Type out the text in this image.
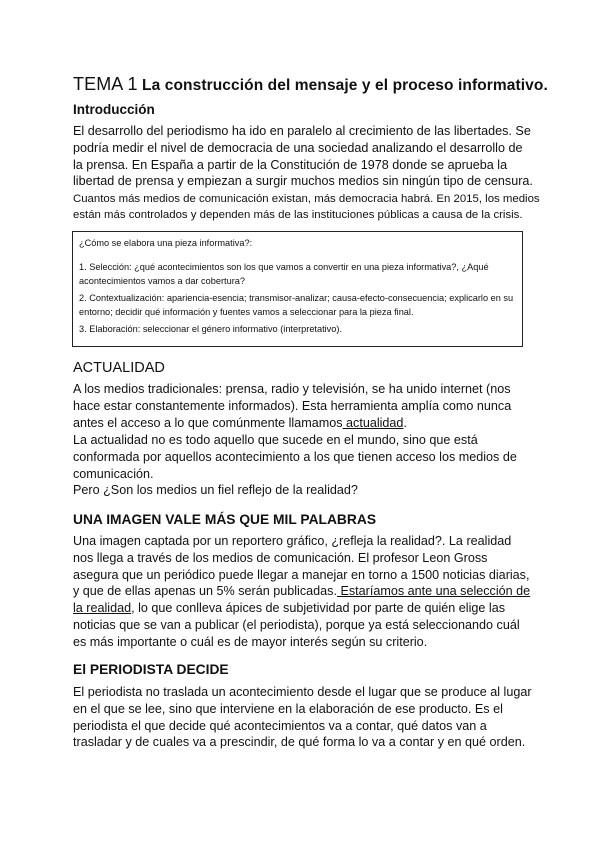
TEMA 1 La construcción del mensaje y el proceso informativo.
Introducción
El desarrollo del periodismo ha ido en paralelo al crecimiento de las libertades. Se podría medir el nivel de democracia de una sociedad analizando el desarrollo de la prensa. En España a partir de la Constitución de 1978 donde se aprueba la libertad de prensa y empiezan a surgir muchos medios sin ningún tipo de censura.
Cuantos más medios de comunicación existan, más democracia habrá. En 2015, los medios están más controlados y dependen más de las instituciones públicas a causa de la crisis.
¿Cómo se elabora una pieza informativa?:
1. Selección: ¿qué acontecimientos son los que vamos a convertir en una pieza informativa?, ¿Aqué acontecimientos vamos a dar cobertura?
2. Contextualización: apariencia-esencia; transmisor-analizar; causa-efecto-consecuencia; explicarlo en su entorno; decidir qué información y fuentes vamos a seleccionar para la pieza final.
3. Elaboración: seleccionar el género informativo (interpretativo).
ACTUALIDAD
A los medios tradicionales: prensa, radio y televisión, se ha unido internet (nos hace estar constantemente informados). Esta herramienta amplía como nunca antes el acceso a lo que comúnmente llamamos actualidad.
La actualidad no es todo aquello que sucede en el mundo, sino que está conformada por aquellos acontecimiento a los que tienen acceso los medios de comunicación.
Pero ¿Son los medios un fiel reflejo de la realidad?
UNA IMAGEN VALE MÁS QUE MIL PALABRAS
Una imagen captada por un reportero gráfico, ¿refleja la realidad?. La realidad nos llega a través de los medios de comunicación. El profesor Leon Gross asegura que un periódico puede llegar a manejar en torno a 1500 noticias diarias, y que de ellas apenas un 5% serán publicadas. Estaríamos ante una selección de la realidad, lo que conlleva ápices de subjetividad por parte de quién elige las noticias que se van a publicar (el periodista), porque ya está seleccionando cuál es más importante o cuál es de mayor interés según su criterio.
El PERIODISTA DECIDE
El periodista no traslada un acontecimiento desde el lugar que se produce al lugar en el que se lee, sino que interviene en la elaboración de ese producto. Es el periodista el que decide qué acontecimientos va a contar, qué datos van a trasladar y de cuales va a prescindir, de qué forma lo va a contar y en qué orden.
